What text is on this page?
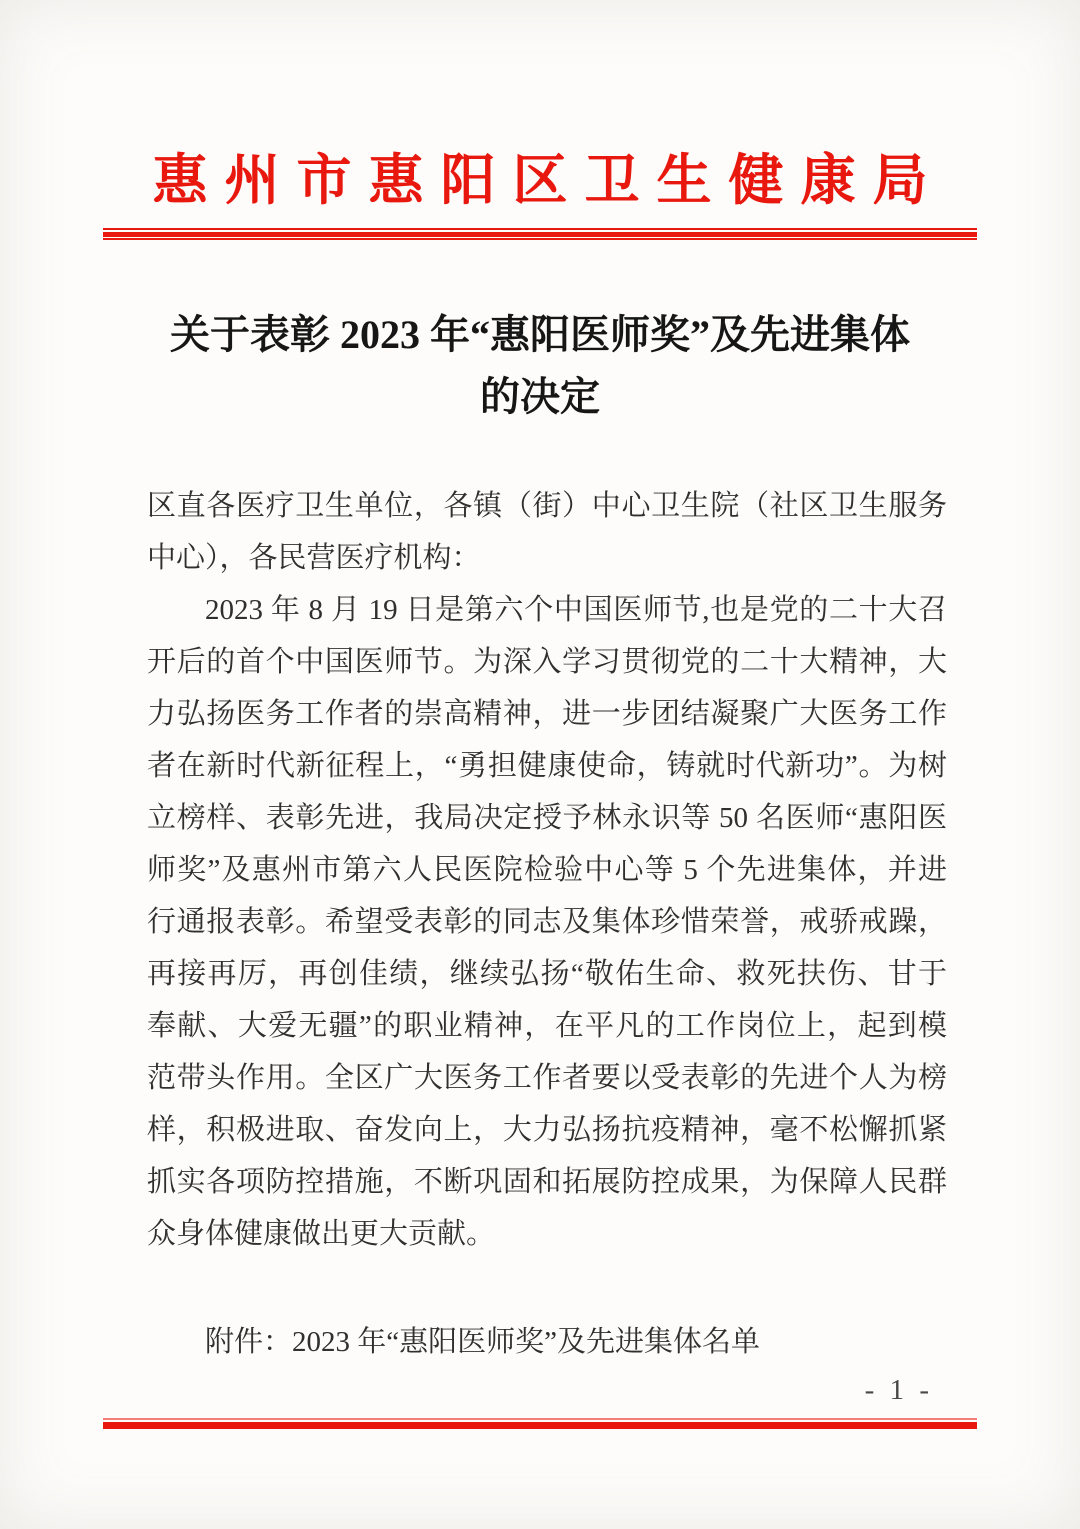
惠州市惠阳区卫生健康局
关于表彰 2023 年“惠阳医师奖”及先进集体
的决定
区直各医疗卫生单位，各镇（街）中心卫生院（社区卫生服务
中心），各民营医疗机构：
2023 年 8 月 19 日是第六个中国医师节,也是党的二十大召
开后的首个中国医师节。为深入学习贯彻党的二十大精神，大
力弘扬医务工作者的崇高精神，进一步团结凝聚广大医务工作
者在新时代新征程上，“勇担健康使命，铸就时代新功”。为树
立榜样、表彰先进，我局决定授予林永识等 50 名医师“惠阳医
师奖”及惠州市第六人民医院检验中心等 5 个先进集体，并进
行通报表彰。希望受表彰的同志及集体珍惜荣誉，戒骄戒躁，
再接再厉，再创佳绩，继续弘扬“敬佑生命、救死扶伤、甘于
奉献、大爱无疆”的职业精神，在平凡的工作岗位上，起到模
范带头作用。全区广大医务工作者要以受表彰的先进个人为榜
样，积极进取、奋发向上，大力弘扬抗疫精神，毫不松懈抓紧
抓实各项防控措施，不断巩固和拓展防控成果，为保障人民群
众身体健康做出更大贡献。
附件：2023 年“惠阳医师奖”及先进集体名单
- 1 -
